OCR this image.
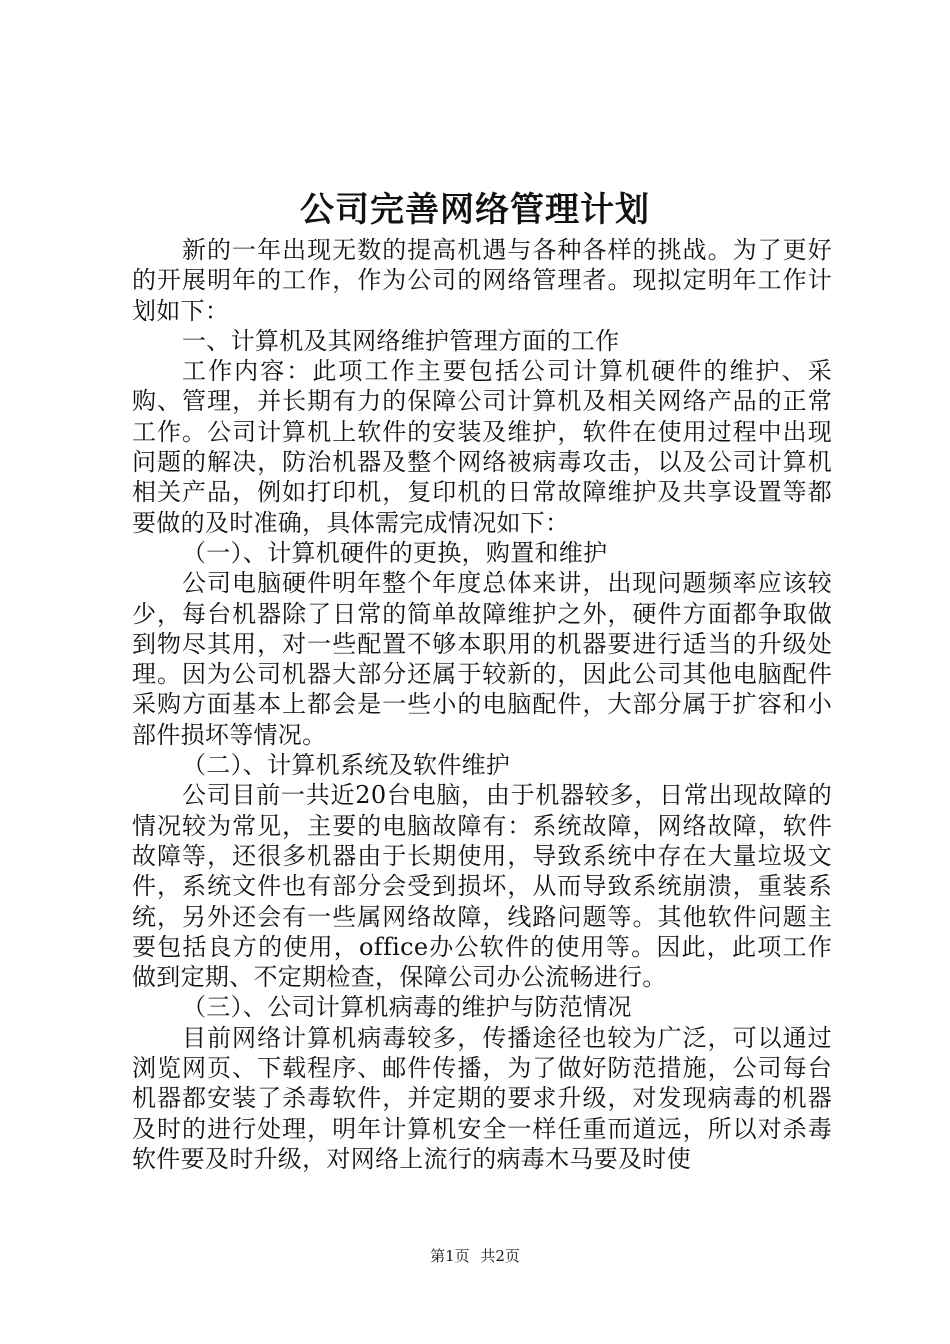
公司完善网络管理计划

新的一年出现无数的提高机遇与各种各样的挑战。为了更好的开展明年的工作，作为公司的网络管理者。现拟定明年工作计划如下：

一、计算机及其网络维护管理方面的工作

工作内容：此项工作主要包括公司计算机硬件的维护、采购、管理，并长期有力的保障公司计算机及相关网络产品的正常工作。公司计算机上软件的安装及维护，软件在使用过程中出现问题的解决，防治机器及整个网络被病毒攻击，以及公司计算机相关产品，例如打印机，复印机的日常故障维护及共享设置等都要做的及时准确，具体需完成情况如下：

（一）、计算机硬件的更换，购置和维护

公司电脑硬件明年整个年度总体来讲，出现问题频率应该较少，每台机器除了日常的简单故障维护之外，硬件方面都争取做到物尽其用，对一些配置不够本职用的机器要进行适当的升级处理。因为公司机器大部分还属于较新的，因此公司其他电脑配件采购方面基本上都会是一些小的电脑配件，大部分属于扩容和小部件损坏等情况。

（二）、计算机系统及软件维护

公司目前一共近20台电脑，由于机器较多，日常出现故障的情况较为常见，主要的电脑故障有：系统故障，网络故障，软件故障等，还很多机器由于长期使用，导致系统中存在大量垃圾文件，系统文件也有部分会受到损坏，从而导致系统崩溃，重装系统，另外还会有一些属网络故障，线路问题等。其他软件问题主要包括良方的使用，office办公软件的使用等。因此，此项工作做到定期、不定期检查，保障公司办公流畅进行。

（三）、公司计算机病毒的维护与防范情况

目前网络计算机病毒较多，传播途径也较为广泛，可以通过浏览网页、下载程序、邮件传播，为了做好防范措施，公司每台机器都安装了杀毒软件，并定期的要求升级，对发现病毒的机器及时的进行处理，明年计算机安全一样任重而道远，所以对杀毒软件要及时升级，对网络上流行的病毒木马要及时使

第1页 共2页
